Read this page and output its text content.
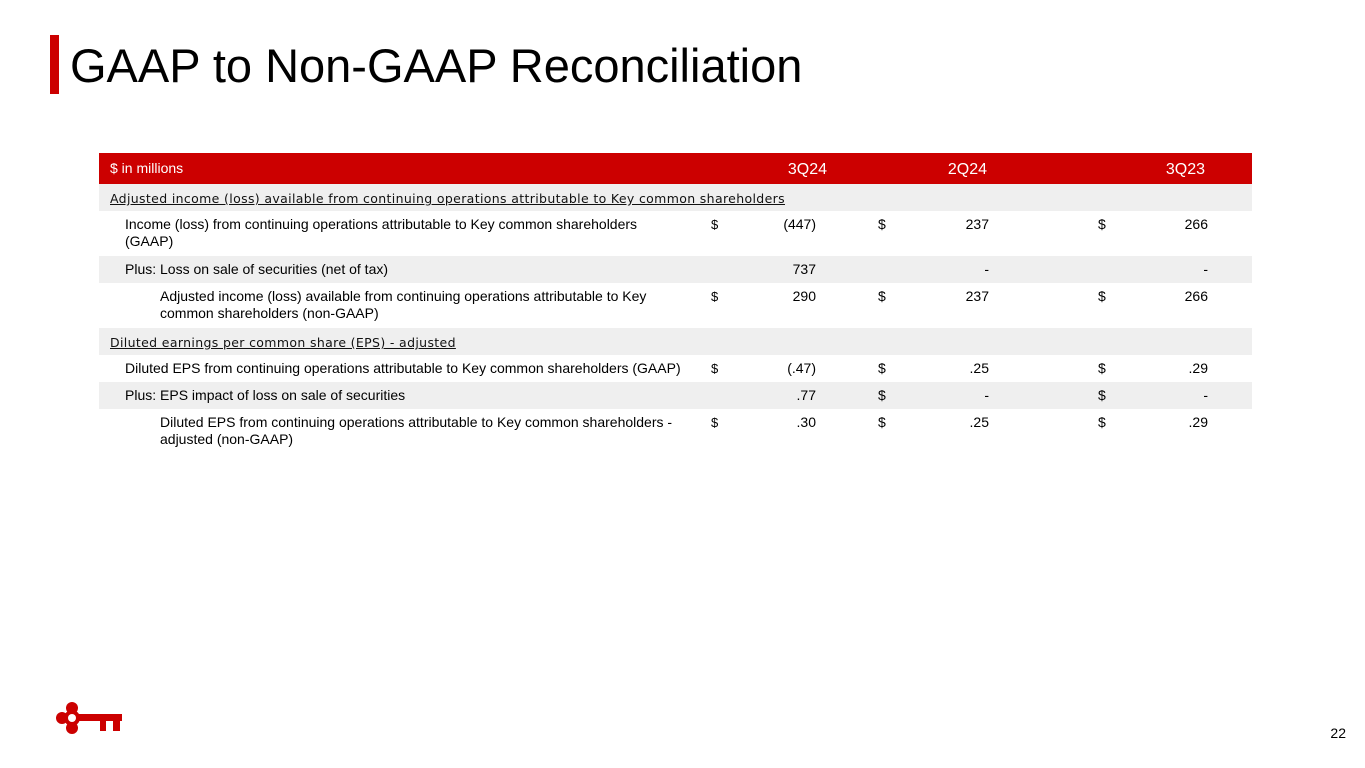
GAAP to Non-GAAP Reconciliation
$ in millions	3Q24	2Q24	3Q23
Adjusted income (loss) available from continuing operations attributable to Key common shareholders
Income (loss) from continuing operations attributable to Key common shareholders (GAAP)
$	(447)	$	237	$	266
Plus: Loss on sale of securities (net of tax)	737	-	-
Adjusted income (loss) available from continuing operations attributable to Key common shareholders (non-GAAP)
$	290	$	237	$	266
Diluted earnings per common share (EPS) - adjusted
Diluted EPS from continuing operations attributable to Key common shareholders (GAAP)	$	(.47)	$	.25	$	.29
Plus: EPS impact of loss on sale of securities	.77	$	-	$	-
Diluted EPS from continuing operations attributable to Key common shareholders - adjusted (non-GAAP)
$	.30	$	.25	$	.29
22
